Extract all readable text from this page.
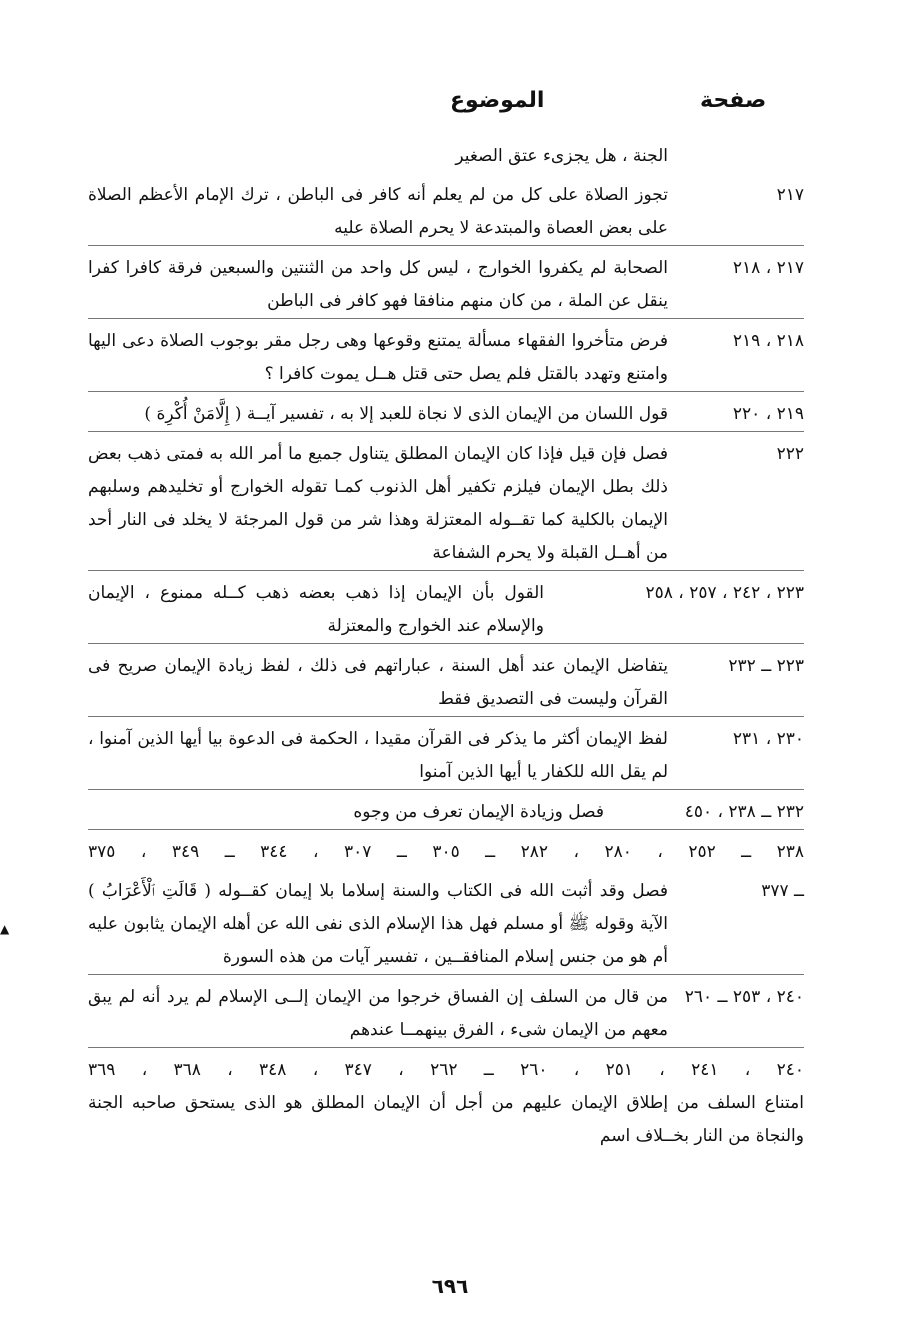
صفحة
الموضوع
الجنة ، هل يجزىء عتق الصغير
٢١٧
تجوز الصلاة على كل من لم يعلم أنه كافر فى الباطن ، ترك الإمام الأعظم الصلاة على بعض العصاة والمبتدعة لا يحرم الصلاة عليه
٢١٧ ، ٢١٨
الصحابة لم يكفروا الخوارج ، ليس كل واحد من الثنتين والسبعين فرقة كافرا كفرا ينقل عن الملة ، من كان منهم منافقا فهو كافر فى الباطن
٢١٨ ، ٢١٩
فرض متأخروا الفقهاء مسألة يمتنع وقوعها وهى رجل مقر بوجوب الصلاة دعى اليها وامتنع وتهدد بالقتل فلم يصل حتى قتل هــل يموت كافرا ؟
٢١٩ ، ٢٢٠
قول اللسان من الإيمان الذى لا نجاة للعبد إلا به ، تفسير آيــة ( إِلَّامَنْ أُكْرِهَ )
٢٢٢
فصل فإن قيل فإذا كان الإيمان المطلق يتناول جميع ما أمر الله به فمتى ذهب بعض ذلك بطل الإيمان فيلزم تكفير أهل الذنوب كمـا تقوله الخوارج أو تخليدهم وسلبهم الإيمان بالكلية كما تقــوله المعتزلة وهذا شر من قول المرجئة لا يخلد فى النار أحد من أهــل القبلة ولا يحرم الشفاعة
٢٢٣ ، ٢٤٢ ، ٢٥٧ ، ٢٥٨
القول بأن الإيمان إذا ذهب بعضه ذهب كــله ممنوع ، الإيمان والإسلام عند الخوارج والمعتزلة
٢٢٣ ــ ٢٣٢
يتفاضل الإيمان عند أهل السنة ، عباراتهم فى ذلك ، لفظ زيادة الإيمان صريح فى القرآن وليست فى التصديق فقط
٢٣٠ ، ٢٣١
لفظ الإيمان أكثر ما يذكر فى القرآن مقيدا ، الحكمة فى الدعوة بيا أيها الذين آمنوا ، لم يقل الله للكفار يا أيها الذين آمنوا
٢٣٢ ــ ٢٣٨ ، ٤٥٠
فصل وزيادة الإيمان تعرف من وجوه
٢٣٨ ــ ٢٥٢ ، ٢٨٠ ، ٢٨٢ ــ ٣٠٥ ــ ٣٠٧ ، ٣٤٤ ــ ٣٤٩ ، ٣٧٥
ــ ٣٧٧
فصل وقد أثبت الله فى الكتاب والسنة إسلاما بلا إيمان كقــوله ( قَالَتِ ٱلْأَعْرَابُ ) الآية وقوله ﷺ أو مسلم فهل هذا الإسلام الذى نفى الله عن أهله الإيمان يثابون عليه أم هو من جنس إسلام المنافقــين ، تفسير آيات من هذه السورة
٢٤٠ ، ٢٥٣ ــ ٢٦٠
من قال من السلف إن الفساق خرجوا من الإيمان إلــى الإسلام لم يرد أنه لم يبق معهم من الإيمان شىء ، الفرق بينهمــا عندهم
٢٤٠ ، ٢٤١ ، ٢٥١ ، ٢٦٠ ــ ٢٦٢ ، ٣٤٧ ، ٣٤٨ ، ٣٦٨ ، ٣٦٩
امتناع السلف من إطلاق الإيمان عليهم من أجل أن الإيمان المطلق هو الذى يستحق صاحبه الجنة والنجاة من النار بخــلاف اسم
▲
٦٩٦
